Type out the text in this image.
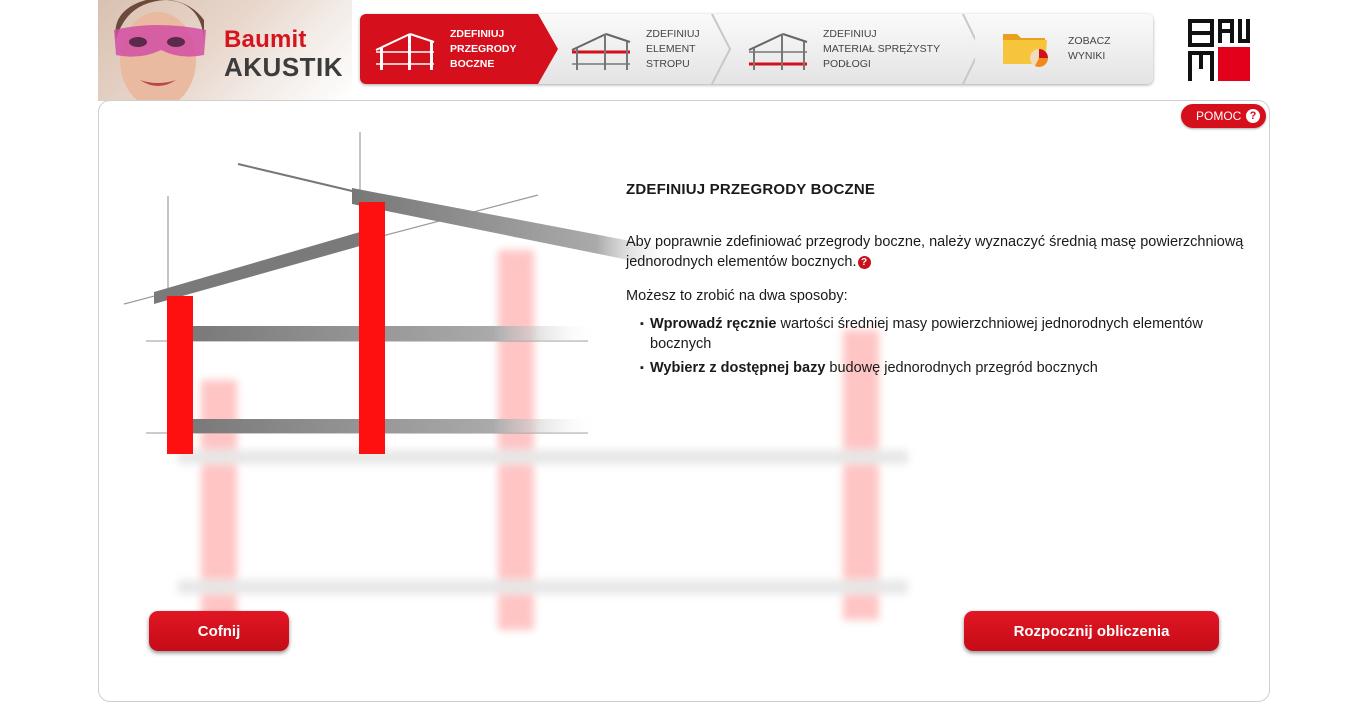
Baumit
AKUSTIK
ZDEFINIUJ
PRZEGRODY
BOCZNE
ZDEFINIUJ
ELEMENT
STROPU
ZDEFINIUJ
MATERIAŁ SPRĘŻYSTY
PODŁOGI
ZOBACZ
WYNIKI
POMOC ?
ZDEFINIUJ PRZEGRODY BOCZNE

Aby poprawnie zdefiniować przegrody boczne, należy wyznaczyć średnią masę powierzchniową jednorodnych elementów bocznych. ?

Możesz to zrobić na dwa sposoby:

▪ Wprowadź ręcznie wartości średniej masy powierzchniowej jednorodnych elementów bocznych
▪ Wybierz z dostępnej bazy budowę jednorodnych przegród bocznych
Cofnij	Rozpocznij obliczenia
